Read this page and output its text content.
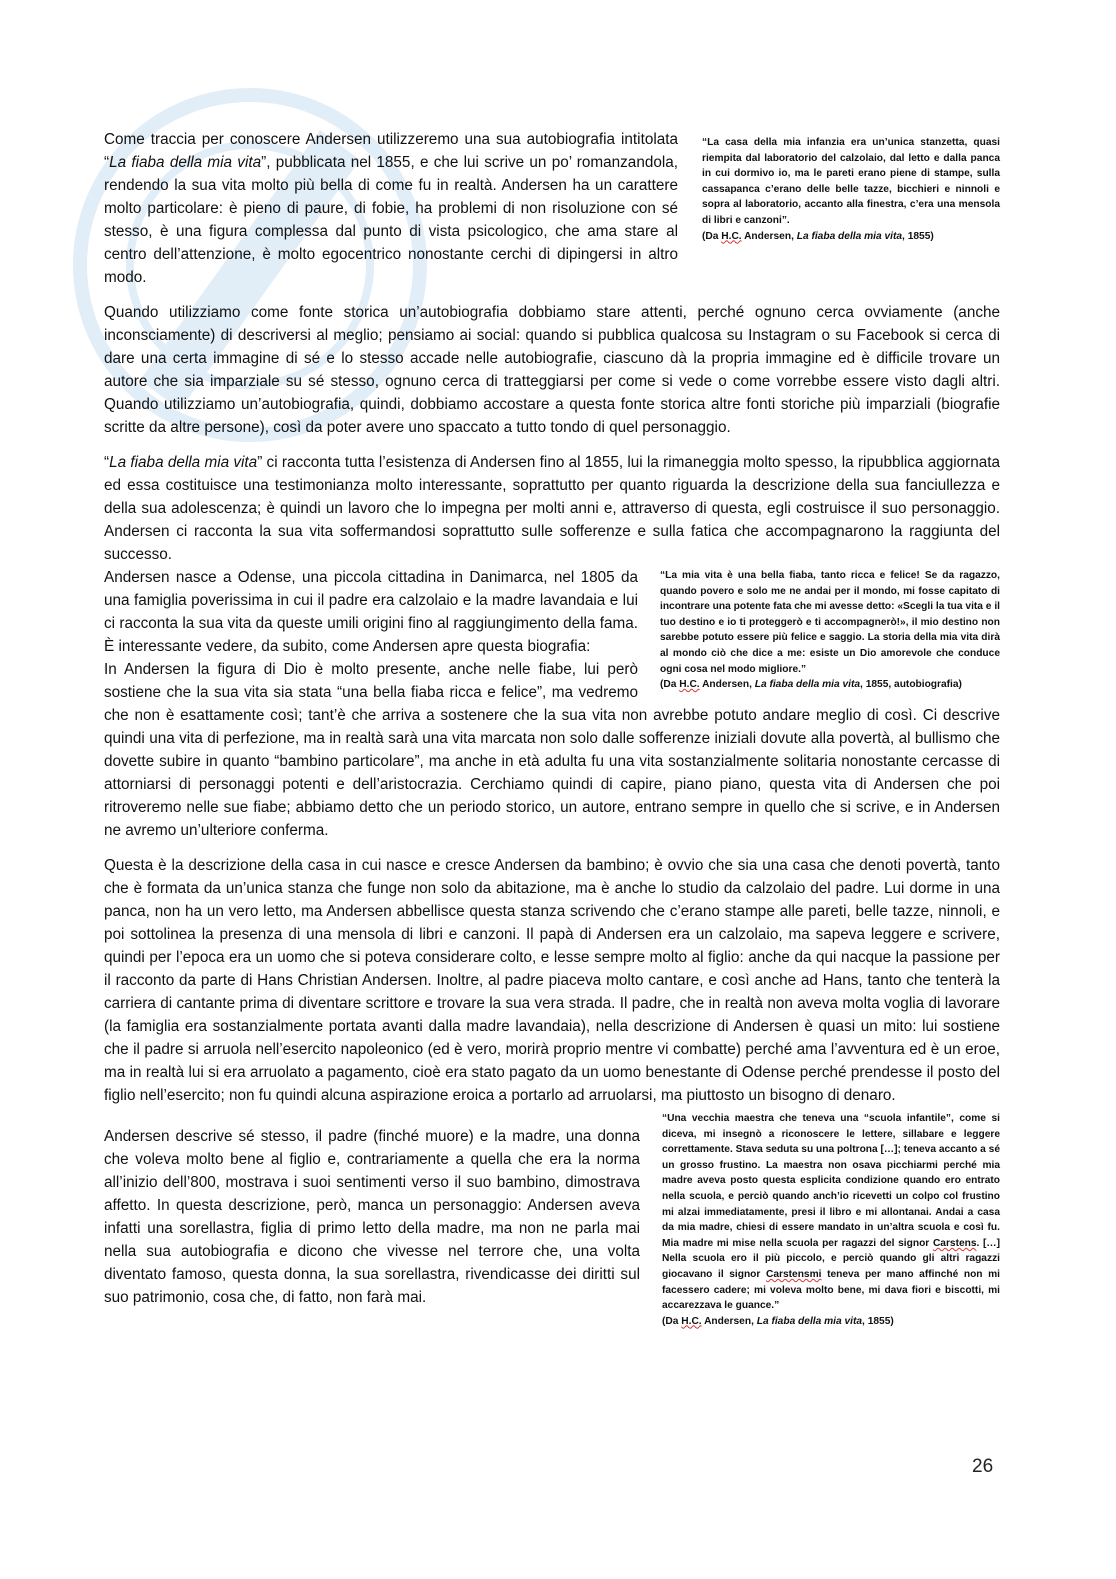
“La casa della mia infanzia era un’unica stanzetta, quasi riempita dal laboratorio del calzolaio, dal letto e dalla panca in cui dormivo io, ma le pareti erano piene di stampe, sulla cassapanca c’erano delle belle tazze, bicchieri e ninnoli e sopra al laboratorio, accanto alla finestra, c’era una mensola di libri e canzoni”.
(Da H.C. Andersen, La fiaba della mia vita, 1855)

Come traccia per conoscere Andersen utilizzeremo una sua autobiografia intitolata “La fiaba della mia vita”, pubblicata nel 1855, e che lui scrive un po’ romanzandola, rendendo la sua vita molto più bella di come fu in realtà. Andersen ha un carattere molto particolare: è pieno di paure, di fobie, ha problemi di non risoluzione con sé stesso, è una figura complessa dal punto di vista psicologico, che ama stare al centro dell’attenzione, è molto egocentrico nonostante cerchi di dipingersi in altro modo.

Quando utilizziamo come fonte storica un’autobiografia dobbiamo stare attenti, perché ognuno cerca ovviamente (anche inconsciamente) di descriversi al meglio; pensiamo ai social: quando si pubblica qualcosa su Instagram o su Facebook si cerca di dare una certa immagine di sé e lo stesso accade nelle autobiografie, ciascuno dà la propria immagine ed è difficile trovare un autore che sia imparziale su sé stesso, ognuno cerca di tratteggiarsi per come si vede o come vorrebbe essere visto dagli altri. Quando utilizziamo un’autobiografia, quindi, dobbiamo accostare a questa fonte storica altre fonti storiche più imparziali (biografie scritte da altre persone), così da poter avere uno spaccato a tutto tondo di quel personaggio.

“La fiaba della mia vita” ci racconta tutta l’esistenza di Andersen fino al 1855, lui la rimaneggia molto spesso, la ripubblica aggiornata ed essa costituisce una testimonianza molto interessante, soprattutto per quanto riguarda la descrizione della sua fanciullezza e della sua adolescenza; è quindi un lavoro che lo impegna per molti anni e, attraverso di questa, egli costruisce il suo personaggio. Andersen ci racconta la sua vita soffermandosi soprattutto sulle sofferenze e sulla fatica che accompagnarono la raggiunta del successo.

“La mia vita è una bella fiaba, tanto ricca e felice! Se da ragazzo, quando povero e solo me ne andai per il mondo, mi fosse capitato di incontrare una potente fata che mi avesse detto: «Scegli la tua vita e il tuo destino e io ti proteggerò e ti accompagnerò!», il mio destino non sarebbe potuto essere più felice e saggio. La storia della mia vita dirà al mondo ciò che dice a me: esiste un Dio amorevole che conduce ogni cosa nel modo migliore.”
(Da H.C. Andersen, La fiaba della mia vita, 1855, autobiografia)

Andersen nasce a Odense, una piccola cittadina in Danimarca, nel 1805 da una famiglia poverissima in cui il padre era calzolaio e la madre lavandaia e lui ci racconta la sua vita da queste umili origini fino al raggiungimento della fama. È interessante vedere, da subito, come Andersen apre questa biografia:

In Andersen la figura di Dio è molto presente, anche nelle fiabe, lui però sostiene che la sua vita sia stata “una bella fiaba ricca e felice”, ma vedremo che non è esattamente così; tant’è che arriva a sostenere che la sua vita non avrebbe potuto andare meglio di così. Ci descrive quindi una vita di perfezione, ma in realtà sarà una vita marcata non solo dalle sofferenze iniziali dovute alla povertà, al bullismo che dovette subire in quanto “bambino particolare”, ma anche in età adulta fu una vita sostanzialmente solitaria nonostante cercasse di attorniarsi di personaggi potenti e dell’aristocrazia. Cerchiamo quindi di capire, piano piano, questa vita di Andersen che poi ritroveremo nelle sue fiabe; abbiamo detto che un periodo storico, un autore, entrano sempre in quello che si scrive, e in Andersen ne avremo un’ulteriore conferma.

Questa è la descrizione della casa in cui nasce e cresce Andersen da bambino; è ovvio che sia una casa che denoti povertà, tanto che è formata da un’unica stanza che funge non solo da abitazione, ma è anche lo studio da calzolaio del padre. Lui dorme in una panca, non ha un vero letto, ma Andersen abbellisce questa stanza scrivendo che c’erano stampe alle pareti, belle tazze, ninnoli, e poi sottolinea la presenza di una mensola di libri e canzoni. Il papà di Andersen era un calzolaio, ma sapeva leggere e scrivere, quindi per l’epoca era un uomo che si poteva considerare colto, e lesse sempre molto al figlio: anche da qui nacque la passione per il racconto da parte di Hans Christian Andersen. Inoltre, al padre piaceva molto cantare, e così anche ad Hans, tanto che tenterà la carriera di cantante prima di diventare scrittore e trovare la sua vera strada. Il padre, che in realtà non aveva molta voglia di lavorare (la famiglia era sostanzialmente portata avanti dalla madre lavandaia), nella descrizione di Andersen è quasi un mito: lui sostiene che il padre si arruola nell’esercito napoleonico (ed è vero, morirà proprio mentre vi combatte) perché ama l’avventura ed è un eroe, ma in realtà lui si era arruolato a pagamento, cioè era stato pagato da un uomo benestante di Odense perché prendesse il posto del figlio nell’esercito; non fu quindi alcuna aspirazione eroica a portarlo ad arruolarsi, ma piuttosto un bisogno di denaro.

“Una vecchia maestra che teneva una “scuola infantile”, come si diceva, mi insegnò a riconoscere le lettere, sillabare e leggere correttamente. Stava seduta su una poltrona […]; teneva accanto a sé un grosso frustino. La maestra non osava picchiarmi perché mia madre aveva posto questa esplicita condizione quando ero entrato nella scuola, e perciò quando anch’io ricevetti un colpo col frustino mi alzai immediatamente, presi il libro e mi allontanai. Andai a casa da mia madre, chiesi di essere mandato in un’altra scuola e così fu. Mia madre mi mise nella scuola per ragazzi del signor Carstens. […] Nella scuola ero il più piccolo, e perciò quando gli altri ragazzi giocavano il signor Carstensmi teneva per mano affinché non mi facessero cadere; mi voleva molto bene, mi dava fiori e biscotti, mi accarezzava le guance.”
(Da H.C. Andersen, La fiaba della mia vita, 1855)

Andersen descrive sé stesso, il padre (finché muore) e la madre, una donna che voleva molto bene al figlio e, contrariamente a quella che era la norma all’inizio dell’800, mostrava i suoi sentimenti verso il suo bambino, dimostrava affetto. In questa descrizione, però, manca un personaggio: Andersen aveva infatti una sorellastra, figlia di primo letto della madre, ma non ne parla mai nella sua autobiografia e dicono che vivesse nel terrore che, una volta diventato famoso, questa donna, la sua sorellastra, rivendicasse dei diritti sul suo patrimonio, cosa che, di fatto, non farà mai.

26
